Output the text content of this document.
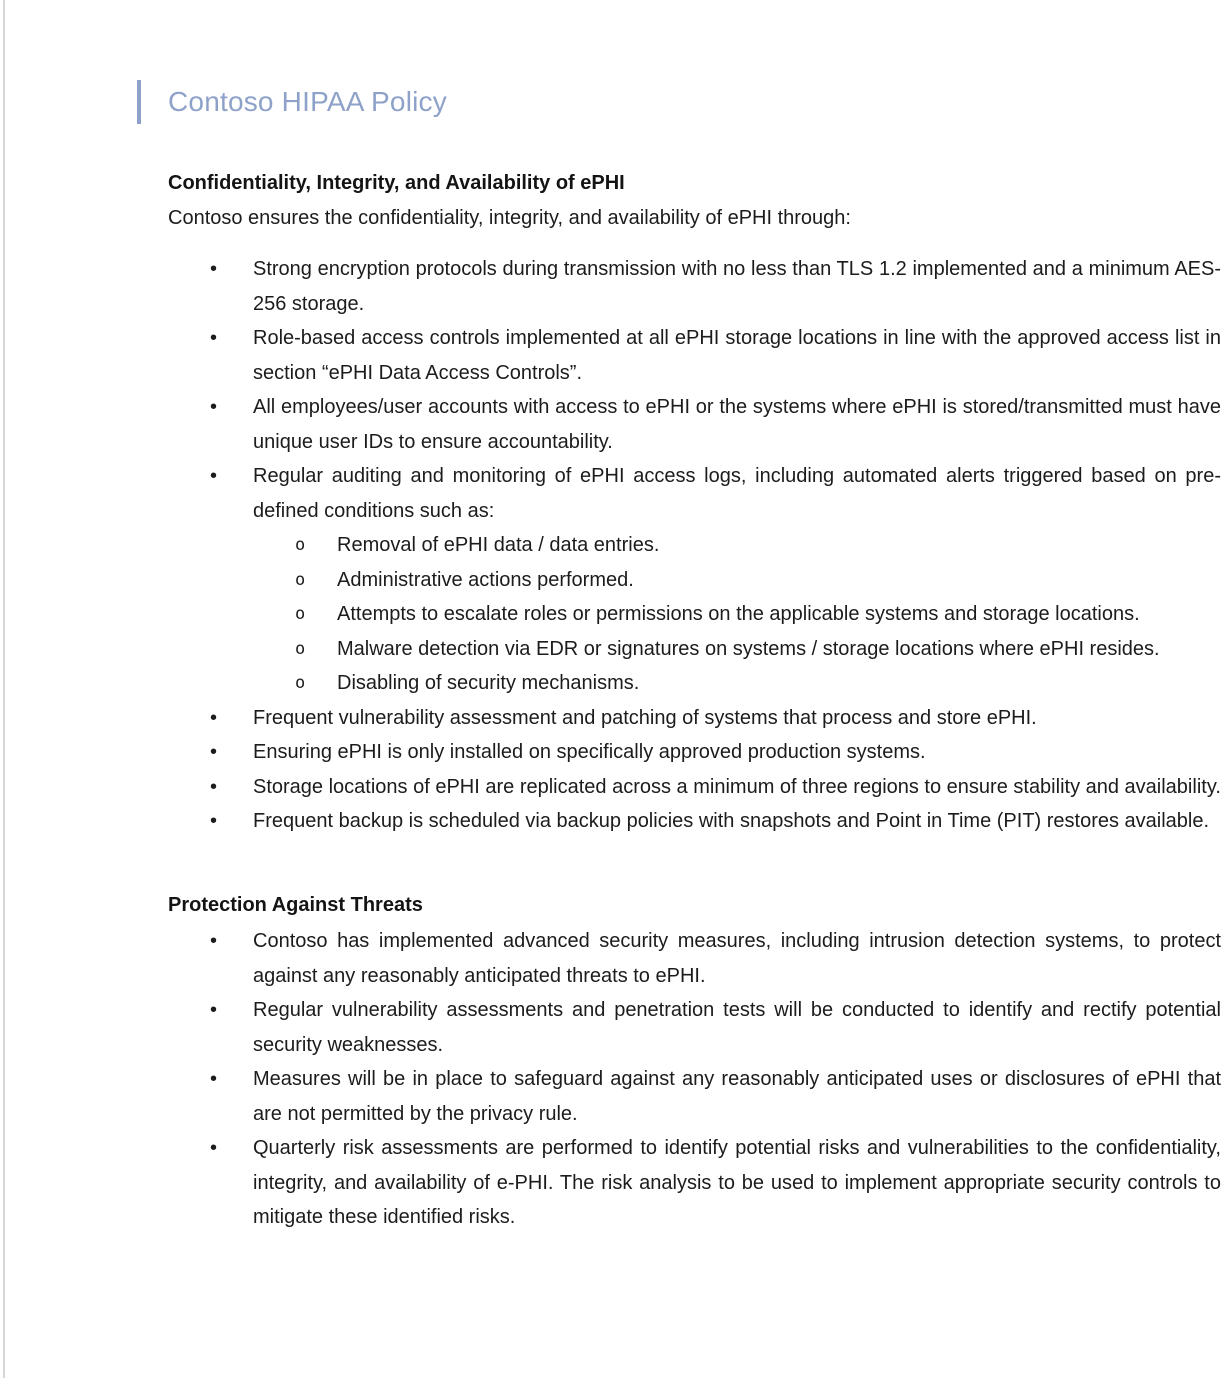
Contoso HIPAA Policy
Confidentiality, Integrity, and Availability of ePHI

Contoso ensures the confidentiality, integrity, and availability of ePHI through:

•	Strong encryption protocols during transmission with no less than TLS 1.2 implemented and a minimum AES-256 storage.
•	Role-based access controls implemented at all ePHI storage locations in line with the approved access list in section “ePHI Data Access Controls”.
•	All employees/user accounts with access to ePHI or the systems where ePHI is stored/transmitted must have unique user IDs to ensure accountability.
•	Regular auditing and monitoring of ePHI access logs, including automated alerts triggered based on pre-defined conditions such as:
o	Removal of ePHI data / data entries.
o	Administrative actions performed.
o	Attempts to escalate roles or permissions on the applicable systems and storage locations.
o	Malware detection via EDR or signatures on systems / storage locations where ePHI resides.
o	Disabling of security mechanisms.
•	Frequent vulnerability assessment and patching of systems that process and store ePHI.
•	Ensuring ePHI is only installed on specifically approved production systems.
•	Storage locations of ePHI are replicated across a minimum of three regions to ensure stability and availability.
•	Frequent backup is scheduled via backup policies with snapshots and Point in Time (PIT) restores available.
Protection Against Threats
•	Contoso has implemented advanced security measures, including intrusion detection systems, to protect against any reasonably anticipated threats to ePHI.
•	Regular vulnerability assessments and penetration tests will be conducted to identify and rectify potential security weaknesses.
•	Measures will be in place to safeguard against any reasonably anticipated uses or disclosures of ePHI that are not permitted by the privacy rule.
•	Quarterly risk assessments are performed to identify potential risks and vulnerabilities to the confidentiality, integrity, and availability of e-PHI. The risk analysis to be used to implement appropriate security controls to mitigate these identified risks.
